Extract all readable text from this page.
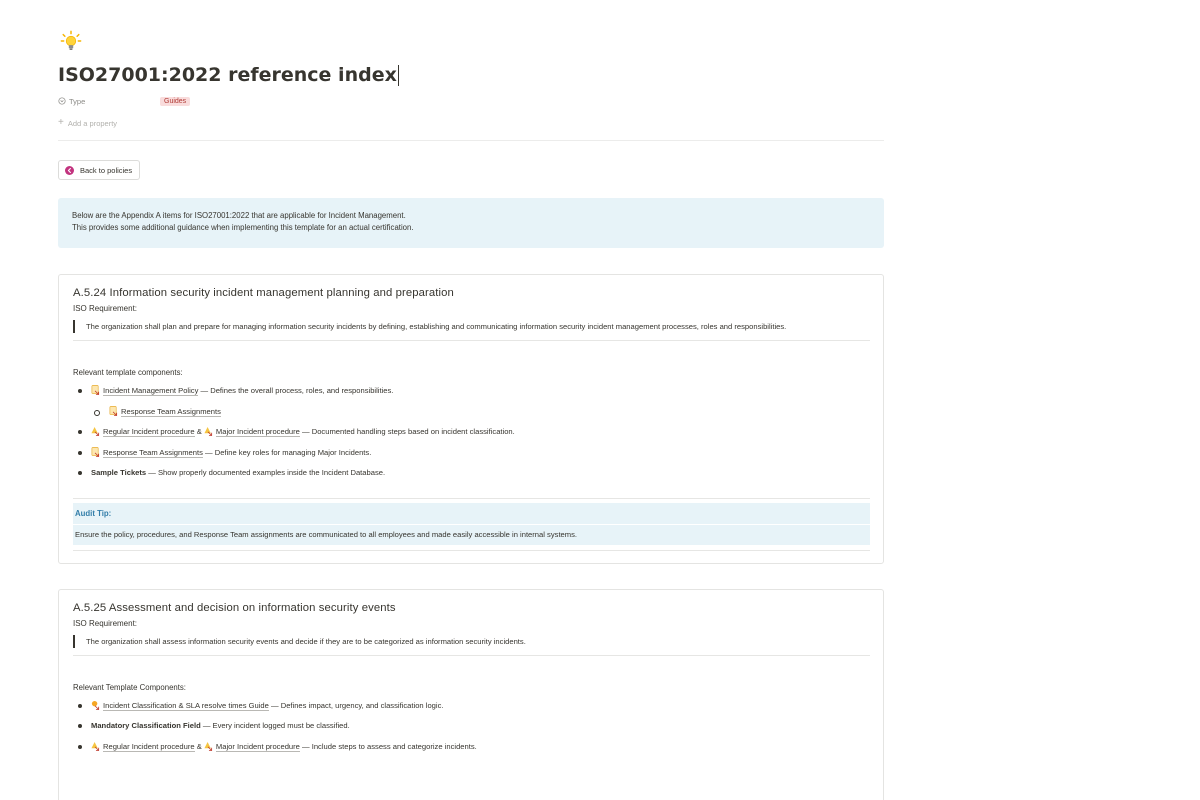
ISO27001:2022 reference index
Type	Guides
+ Add a property
Back to policies
Below are the Appendix A items for ISO27001:2022 that are applicable for Incident Management.
This provides some additional guidance when implementing this template for an actual certification.
A.5.24 Information security incident management planning and preparation
ISO Requirement:
The organization shall plan and prepare for managing information security incidents by defining, establishing and communicating information security incident management processes, roles and responsibilities.
Relevant template components:
Incident Management Policy — Defines the overall process, roles, and responsibilities.
Response Team Assignments
Regular Incident procedure & Major Incident procedure — Documented handling steps based on incident classification.
Response Team Assignments — Define key roles for managing Major Incidents.
Sample Tickets — Show properly documented examples inside the Incident Database.
Audit Tip:
Ensure the policy, procedures, and Response Team assignments are communicated to all employees and made easily accessible in internal systems.
A.5.25 Assessment and decision on information security events
ISO Requirement:
The organization shall assess information security events and decide if they are to be categorized as information security incidents.
Relevant Template Components:
Incident Classification & SLA resolve times Guide — Defines impact, urgency, and classification logic.
Mandatory Classification Field — Every incident logged must be classified.
Regular Incident procedure & Major Incident procedure — Include steps to assess and categorize incidents.
